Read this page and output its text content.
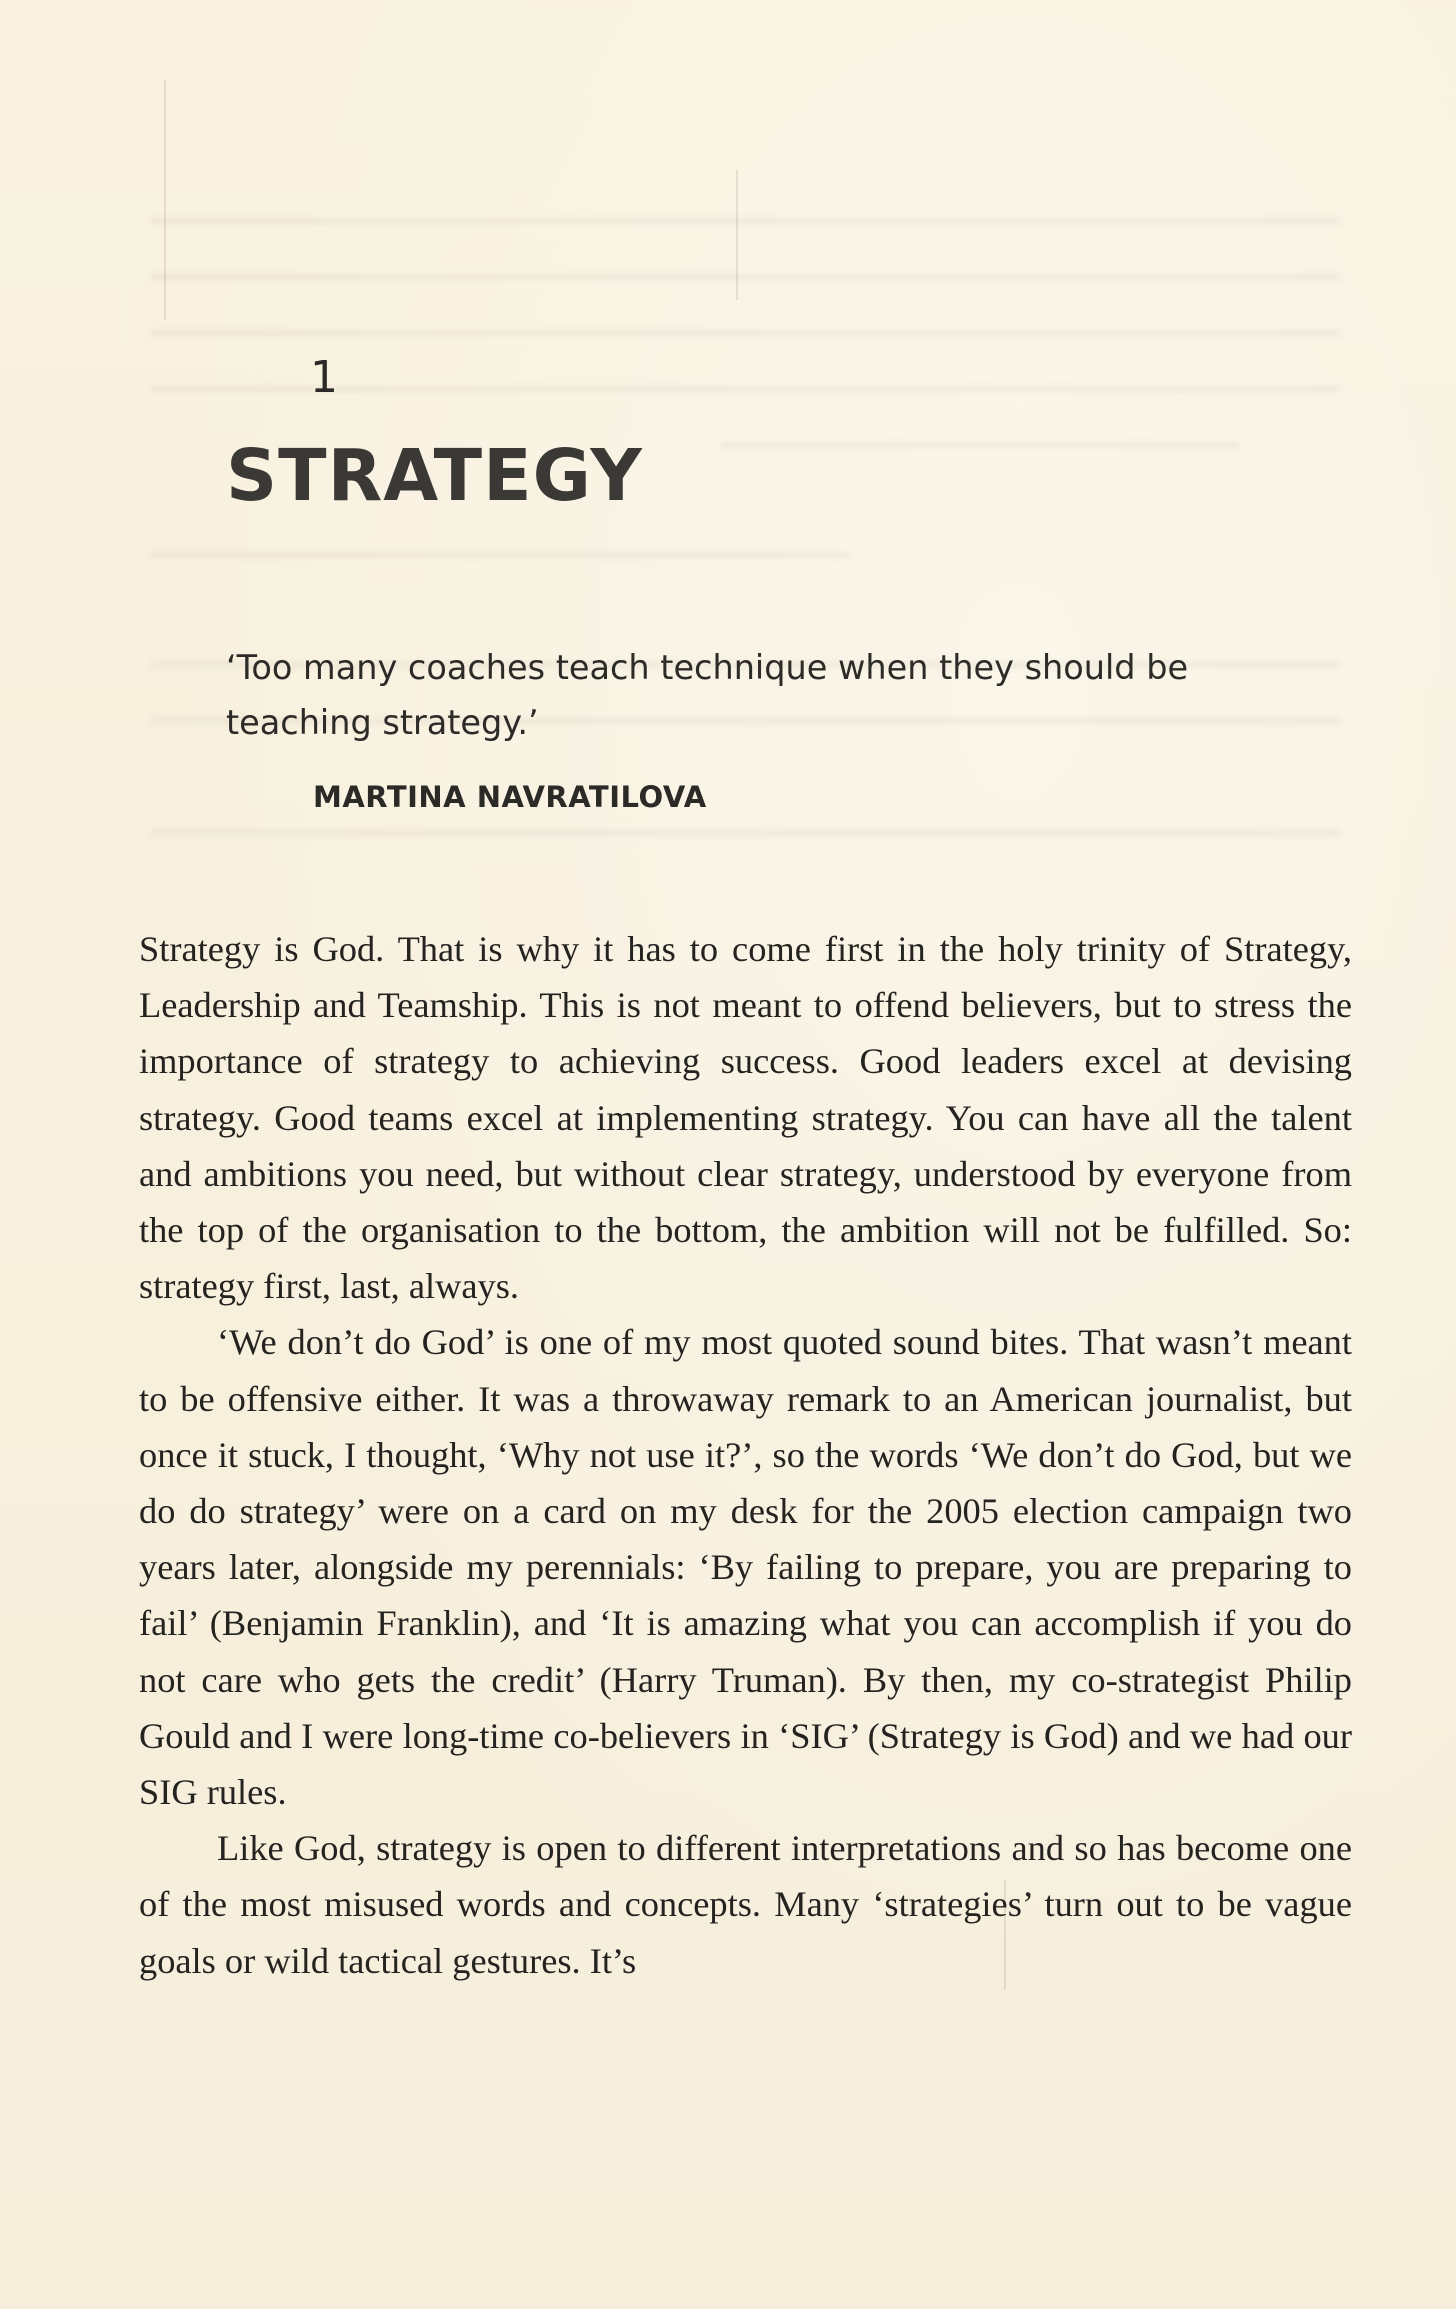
1
STRATEGY

‘Too many coaches teach technique when they should be teaching strategy.’

MARTINA NAVRATILOVA

Strategy is God. That is why it has to come first in the holy trinity of Strategy, Leadership and Teamship. This is not meant to offend believers, but to stress the importance of strategy to achieving success. Good leaders excel at devising strategy. Good teams excel at implementing strategy. You can have all the talent and ambitions you need, but without clear strategy, understood by everyone from the top of the organisation to the bottom, the ambition will not be fulfilled. So: strategy first, last, always.

‘We don’t do God’ is one of my most quoted sound bites. That wasn’t meant to be offensive either. It was a throwaway remark to an American journalist, but once it stuck, I thought, ‘Why not use it?’, so the words ‘We don’t do God, but we do do strategy’ were on a card on my desk for the 2005 election campaign two years later, alongside my perennials: ‘By failing to prepare, you are preparing to fail’ (Benjamin Franklin), and ‘It is amazing what you can accomplish if you do not care who gets the credit’ (Harry Truman). By then, my co-strategist Philip Gould and I were long-time co-believers in ‘SIG’ (Strategy is God) and we had our SIG rules.

Like God, strategy is open to different interpretations and so has become one of the most misused words and concepts. Many ‘strategies’ turn out to be vague goals or wild tactical gestures. It’s
